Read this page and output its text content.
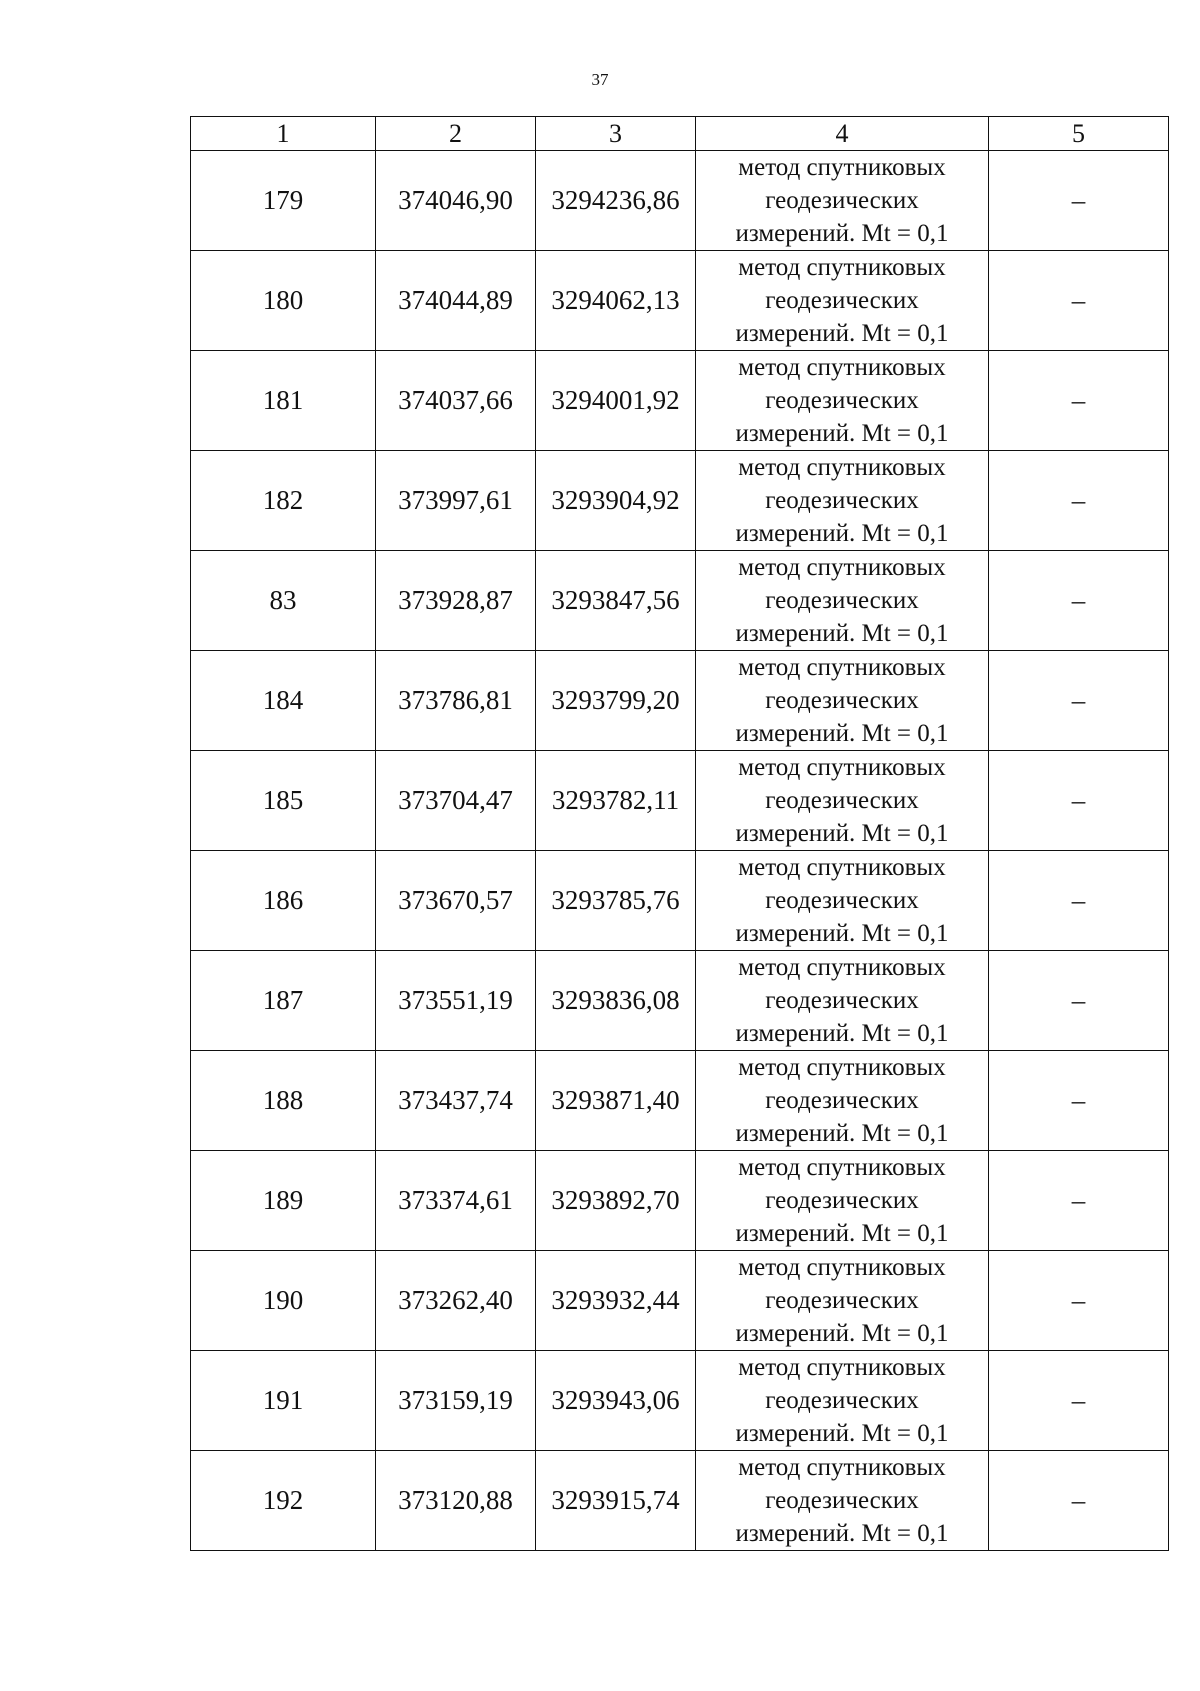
37
1	2	3	4	5
179	374046,90	3294236,86	метод спутниковых
геодезических
измерений. Mt = 0,1	–
180	374044,89	3294062,13	метод спутниковых
геодезических
измерений. Mt = 0,1	–
181	374037,66	3294001,92	метод спутниковых
геодезических
измерений. Mt = 0,1	–
182	373997,61	3293904,92	метод спутниковых
геодезических
измерений. Mt = 0,1	–
83	373928,87	3293847,56	метод спутниковых
геодезических
измерений. Mt = 0,1	–
184	373786,81	3293799,20	метод спутниковых
геодезических
измерений. Mt = 0,1	–
185	373704,47	3293782,11	метод спутниковых
геодезических
измерений. Mt = 0,1	–
186	373670,57	3293785,76	метод спутниковых
геодезических
измерений. Mt = 0,1	–
187	373551,19	3293836,08	метод спутниковых
геодезических
измерений. Mt = 0,1	–
188	373437,74	3293871,40	метод спутниковых
геодезических
измерений. Mt = 0,1	–
189	373374,61	3293892,70	метод спутниковых
геодезических
измерений. Mt = 0,1	–
190	373262,40	3293932,44	метод спутниковых
геодезических
измерений. Mt = 0,1	–
191	373159,19	3293943,06	метод спутниковых
геодезических
измерений. Mt = 0,1	–
192	373120,88	3293915,74	метод спутниковых
геодезических
измерений. Mt = 0,1	–
